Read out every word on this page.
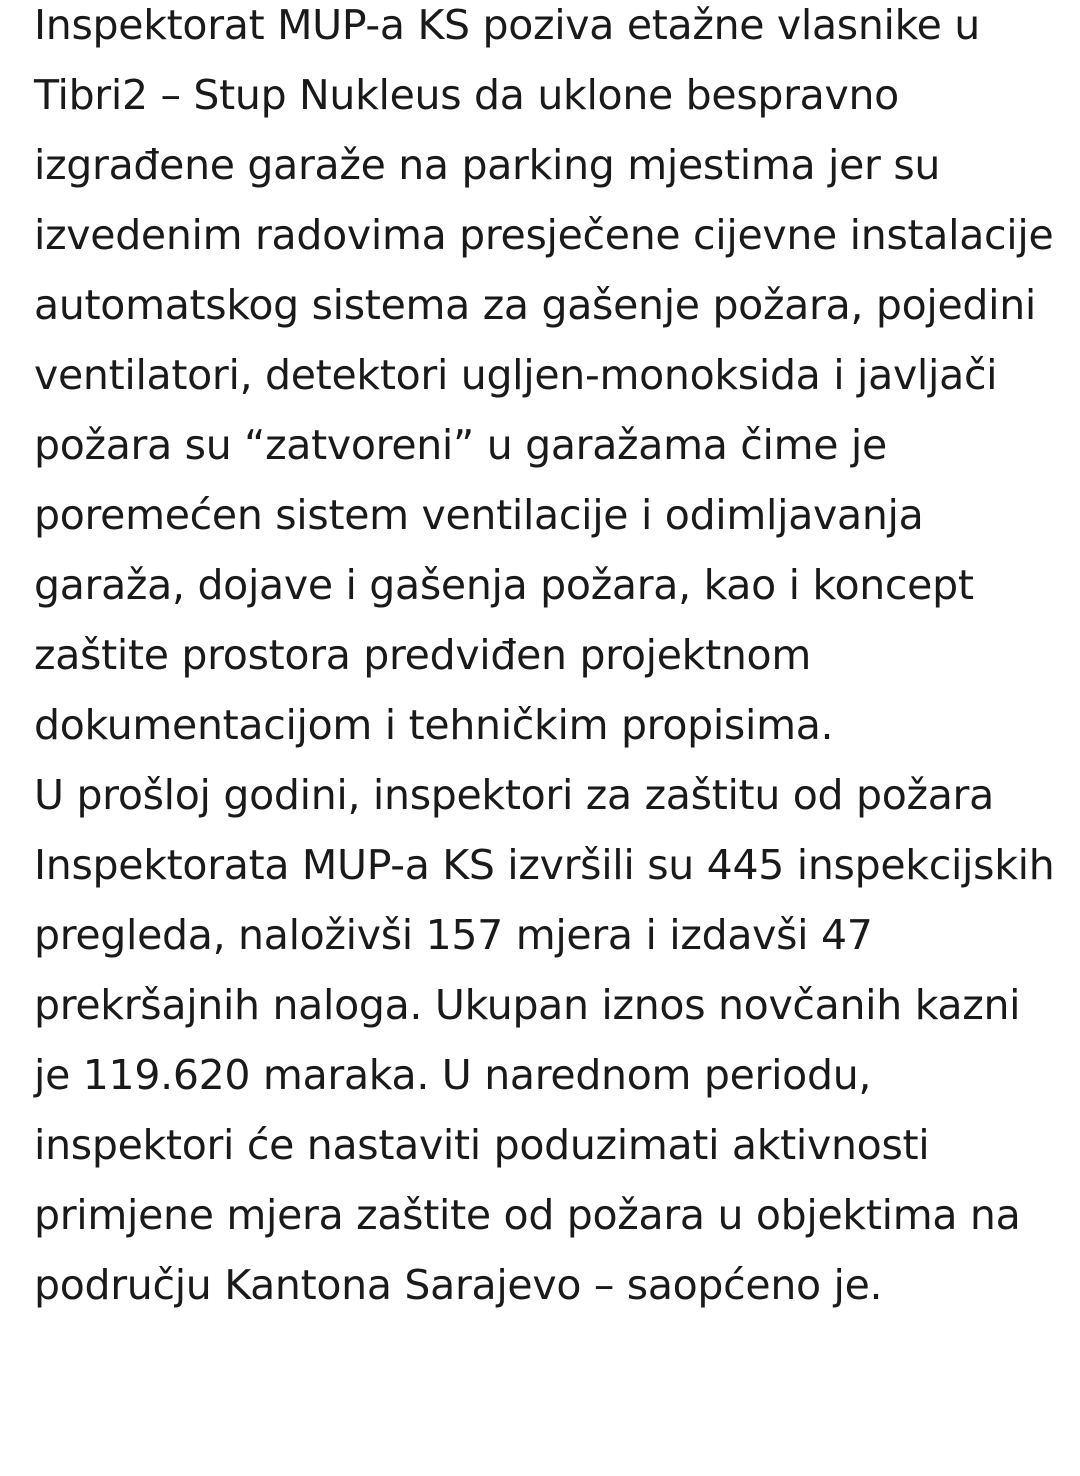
Inspektorat MUP-a KS poziva etažne vlasnike u Tibri2 – Stup Nukleus da uklone bespravno izgrađene garaže na parking mjestima jer su izvedenim radovima presječene cijevne instalacije automatskog sistema za gašenje požara, pojedini ventilatori, detektori ugljen-monoksida i javljači požara su “zatvoreni” u garažama čime je poremećen sistem ventilacije i odimljavanja garaža, dojave i gašenja požara, kao i koncept zaštite prostora predviđen projektnom dokumentacijom i tehničkim propisima.

U prošloj godini, inspektori za zaštitu od požara Inspektorata MUP-a KS izvršili su 445 inspekcijskih pregleda, naloživši 157 mjera i izdavši 47 prekršajnih naloga. Ukupan iznos novčanih kazni je 119.620 maraka. U narednom periodu, inspektori će nastaviti poduzimati aktivnosti primjene mjera zaštite od požara u objektima na području Kantona Sarajevo – saopćeno je.
